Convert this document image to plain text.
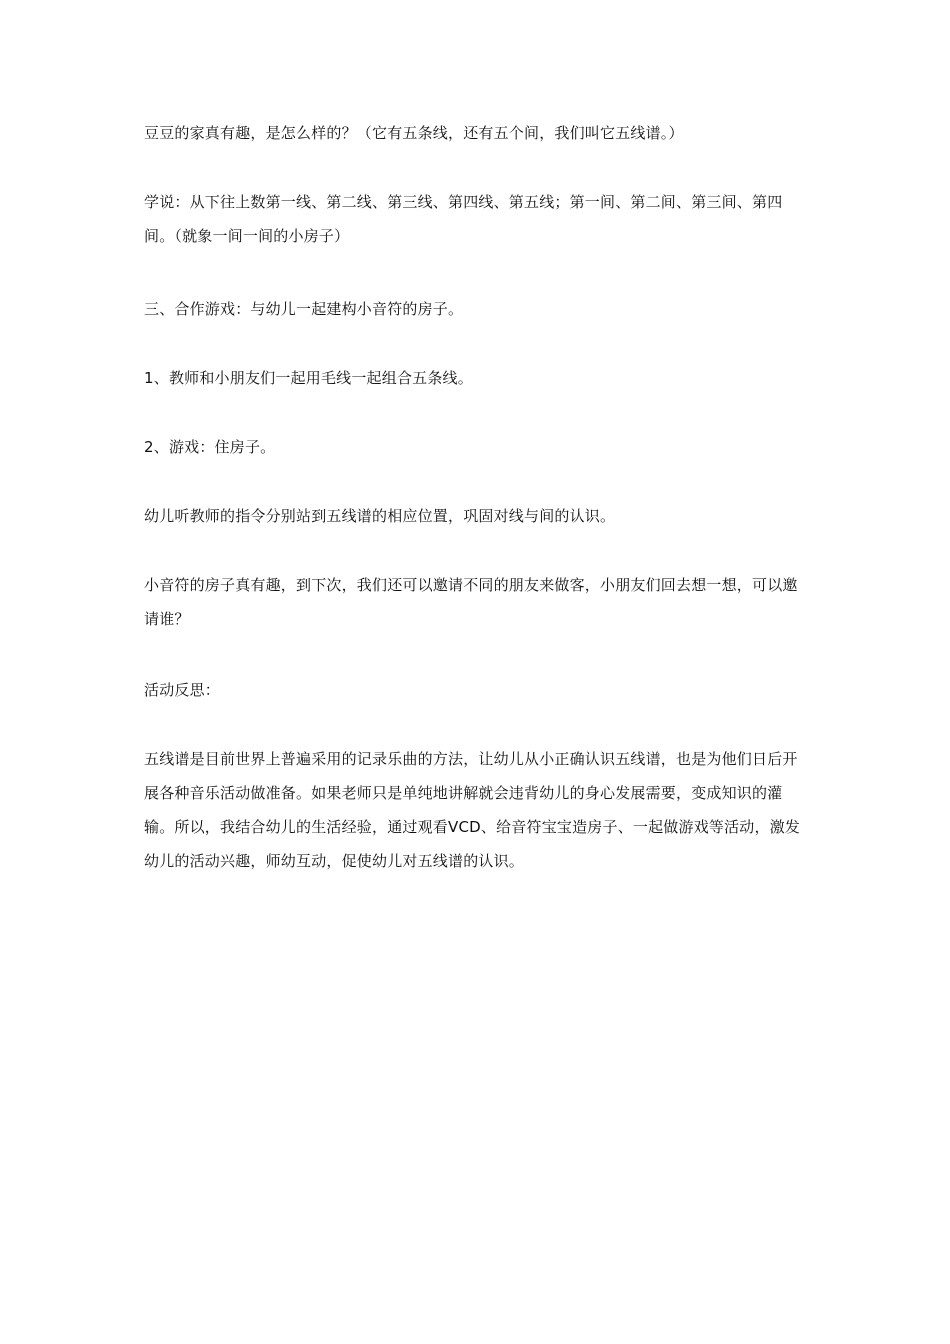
豆豆的家真有趣，是怎么样的？（它有五条线，还有五个间，我们叫它五线谱。）

学说：从下往上数第一线、第二线、第三线、第四线、第五线；第一间、第二间、第三间、第四间。（就象一间一间的小房子）

三、合作游戏：与幼儿一起建构小音符的房子。

1、教师和小朋友们一起用毛线一起组合五条线。

2、游戏：住房子。

幼儿听教师的指令分别站到五线谱的相应位置，巩固对线与间的认识。

小音符的房子真有趣，到下次，我们还可以邀请不同的朋友来做客，小朋友们回去想一想，可以邀请谁？

活动反思：

五线谱是目前世界上普遍采用的记录乐曲的方法，让幼儿从小正确认识五线谱，也是为他们日后开展各种音乐活动做准备。如果老师只是单纯地讲解就会违背幼儿的身心发展需要，变成知识的灌输。所以，我结合幼儿的生活经验，通过观看VCD、给音符宝宝造房子、一起做游戏等活动，激发幼儿的活动兴趣，师幼互动，促使幼儿对五线谱的认识。
